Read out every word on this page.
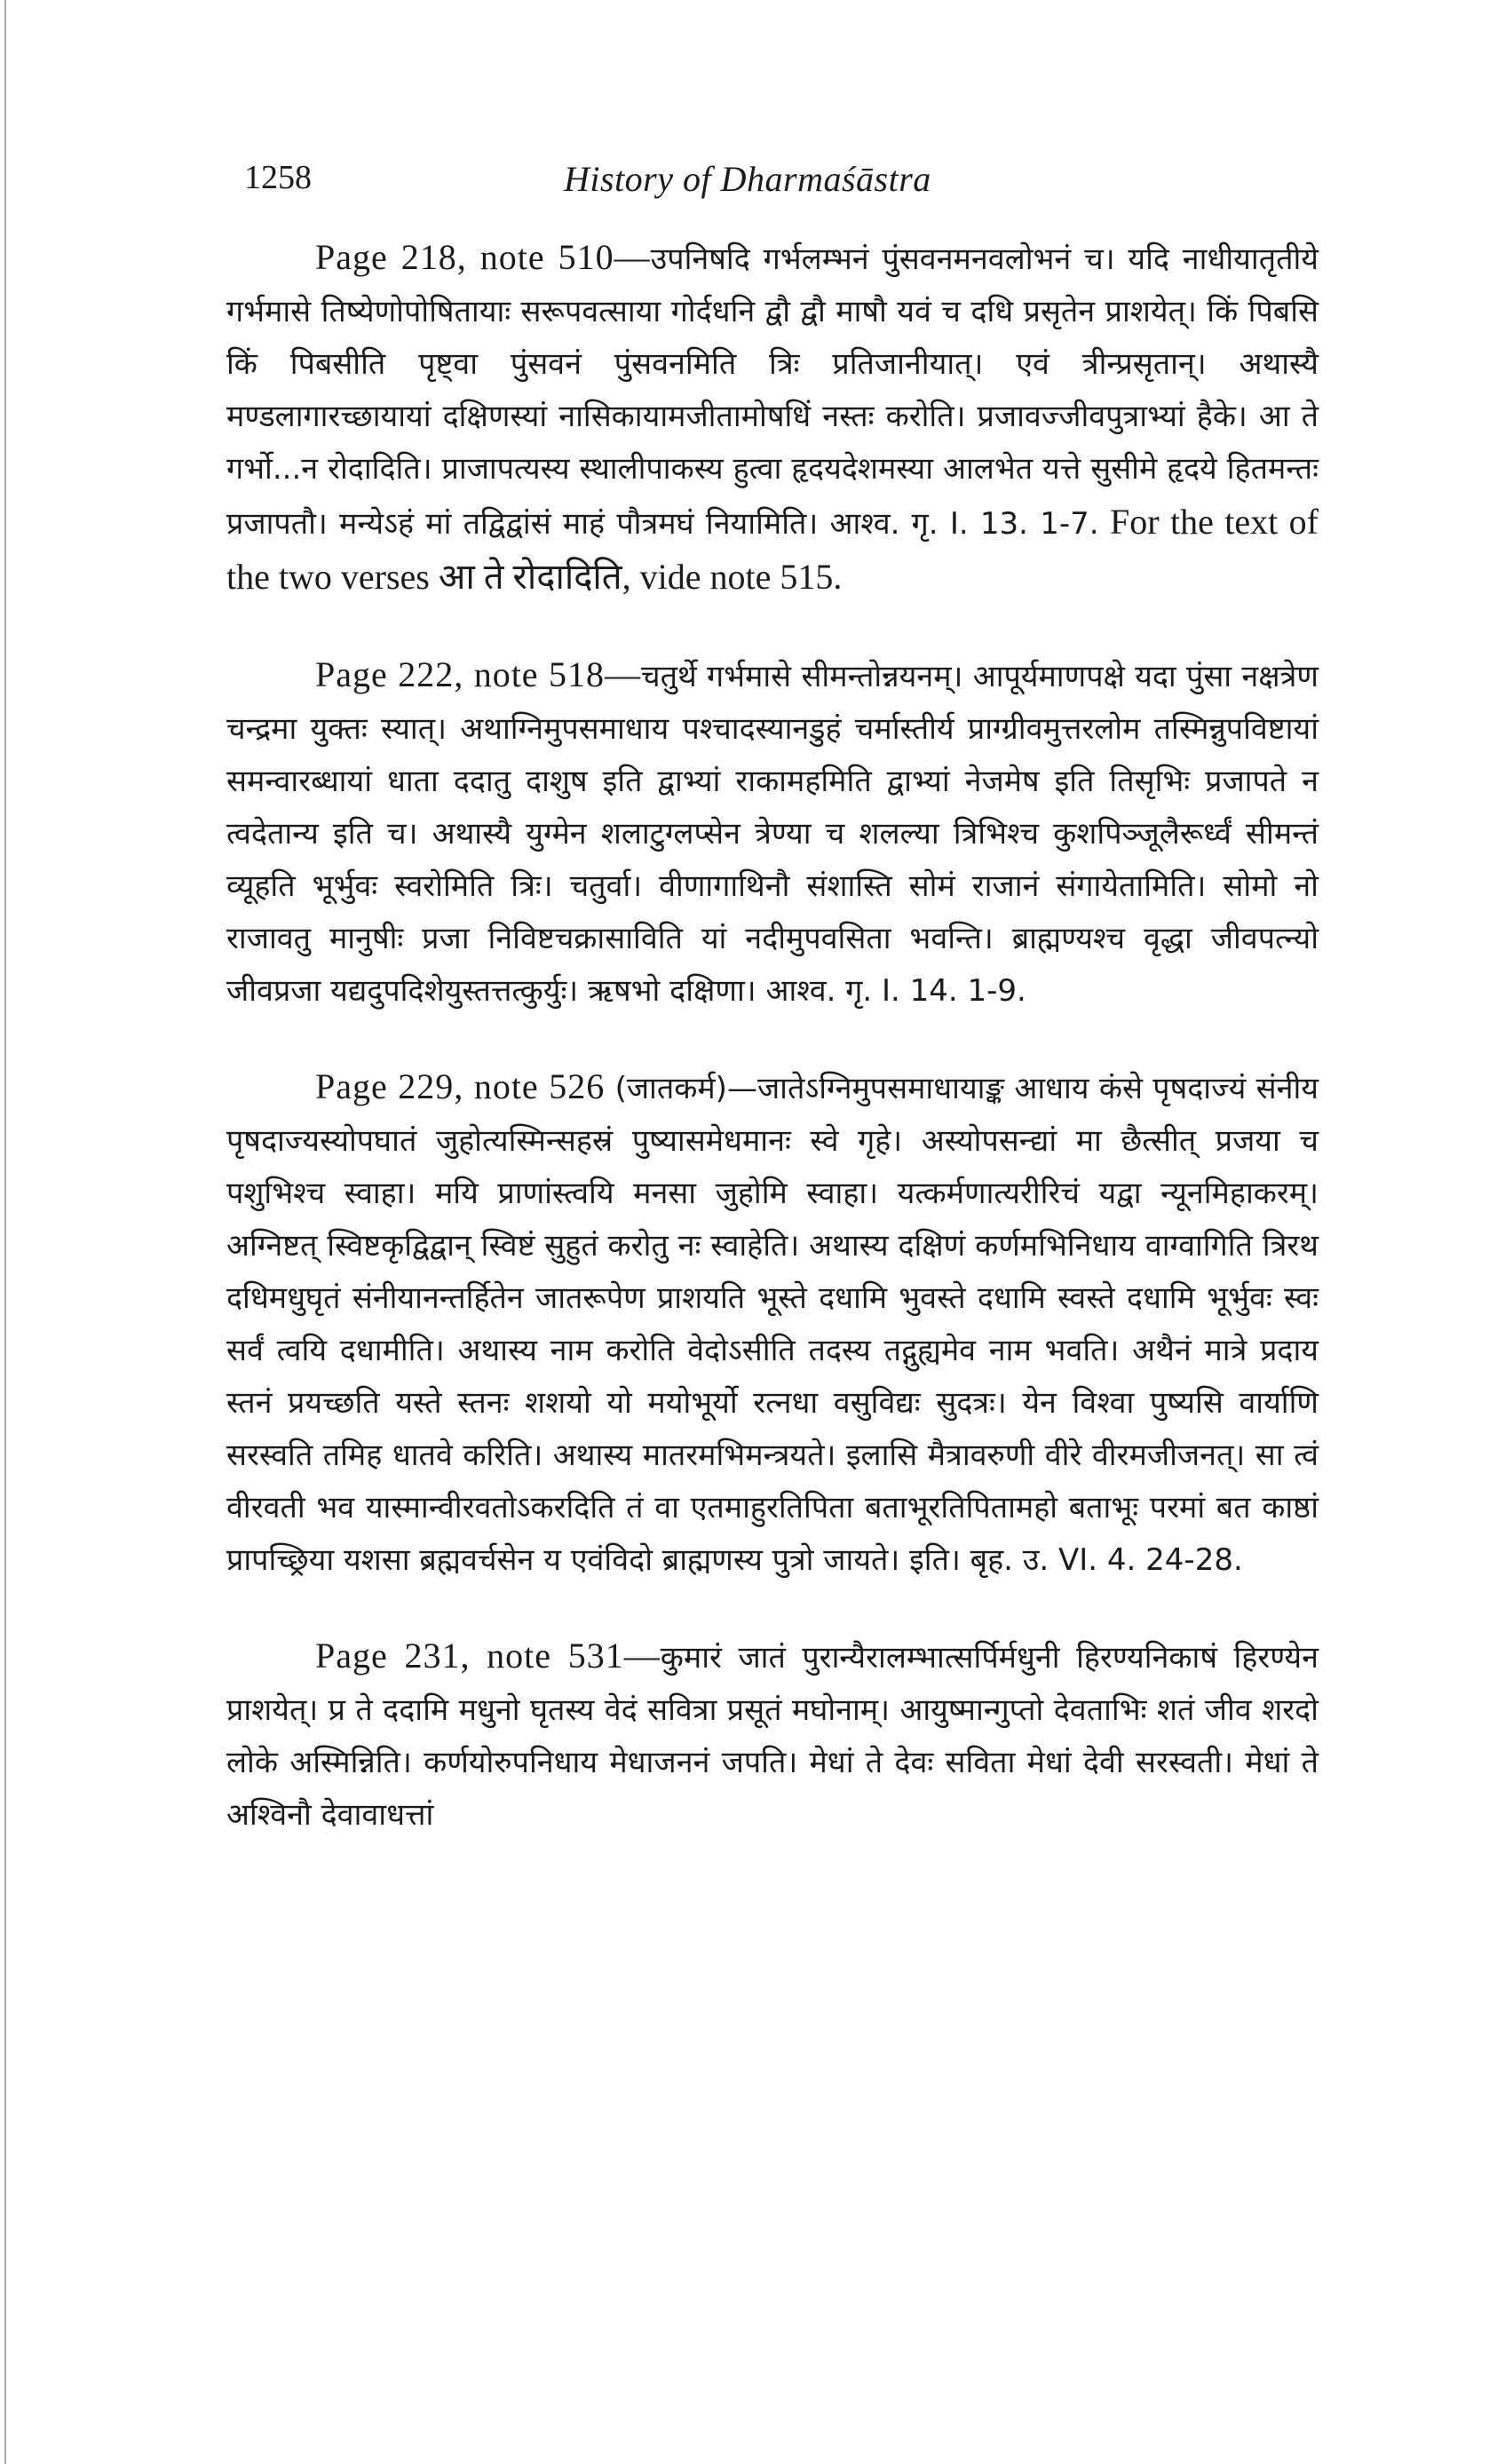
1258	History of Dharmaśāstra

Page 218, note 510—उपनिषदि गर्भलम्भनं पुंसवनमनवलोभनं च। यदि नाधीयातृतीये गर्भमासे तिष्येणोपोषितायाः सरूपवत्साया गोर्दधनि द्वौ द्वौ माषौ यवं च दधि प्रसृतेन प्राशयेत्। किं पिबसि किं पिबसीति पृष्ट्वा पुंसवनं पुंसवनमिति त्रिः प्रतिजानीयात्। एवं त्रीन्प्रसृतान्। अथास्यै मण्डलागारच्छायायां दक्षिणस्यां नासिकायामजीतामोषधिं नस्तः करोति। प्रजावज्जीवपुत्राभ्यां हैके। आ ते गर्भो...न रोदादिति। प्राजापत्यस्य स्थालीपाकस्य हुत्वा हृदयदेशमस्या आलभेत यत्ते सुसीमे हृदये हितमन्तः प्रजापतौ। मन्येऽहं मां तद्विद्वांसं माहं पौत्रमघं नियामिति। आश्व. गृ. I. 13. 1-7. For the text of the two verses आ ते रोदादिति, vide note 515.

Page 222, note 518—चतुर्थे गर्भमासे सीमन्तोन्नयनम्। आपूर्यमाणपक्षे यदा पुंसा नक्षत्रेण चन्द्रमा युक्तः स्यात्। अथाग्निमुपसमाधाय पश्चादस्यानडुहं चर्मास्तीर्य प्राग्ग्रीवमुत्तरलोम तस्मिन्नुपविष्टायां समन्वारब्धायां धाता ददातु दाशुष इति द्वाभ्यां राकामहमिति द्वाभ्यां नेजमेष इति तिसृभिः प्रजापते न त्वदेतान्य इति च। अथास्यै युग्मेन शलाटुग्लप्सेन त्रेण्या च शलल्या त्रिभिश्च कुशपिञ्जूलैरूर्ध्वं सीमन्तं व्यूहति भूर्भुवः स्वरोमिति त्रिः। चतुर्वा। वीणागाथिनौ संशास्ति सोमं राजानं संगायेतामिति। सोमो नो राजावतु मानुषीः प्रजा निविष्टचक्रासाविति यां नदीमुपवसिता भवन्ति। ब्राह्मण्यश्च वृद्धा जीवपत्न्यो जीवप्रजा यद्यदुपदिशेयुस्तत्तत्कुर्युः। ऋषभो दक्षिणा। आश्व. गृ. I. 14. 1-9.

Page 229, note 526 (जातकर्म)—जातेऽग्निमुपसमाधायाङ्क आधाय कंसे पृषदाज्यं संनीय पृषदाज्यस्योपघातं जुहोत्यस्मिन्सहस्रं पुष्यासमेधमानः स्वे गृहे। अस्योपसन्द्यां मा छैत्सीत् प्रजया च पशुभिश्च स्वाहा। मयि प्राणांस्त्वयि मनसा जुहोमि स्वाहा। यत्कर्मणात्यरीरिचं यद्वा न्यूनमिहाकरम्। अग्निष्टत् स्विष्टकृद्विद्वान् स्विष्टं सुहुतं करोतु नः स्वाहेति। अथास्य दक्षिणं कर्णमभिनिधाय वाग्वागिति त्रिरथ दधिमधुघृतं संनीयानन्तर्हितेन जातरूपेण प्राशयति भूस्ते दधामि भुवस्ते दधामि स्वस्ते दधामि भूर्भुवः स्वः सर्वं त्वयि दधामीति। अथास्य नाम करोति वेदोऽसीति तदस्य तद्गुह्यमेव नाम भवति। अथैनं मात्रे प्रदाय स्तनं प्रयच्छति यस्ते स्तनः शशयो यो मयोभूर्यो रत्नधा वसुविद्यः सुदत्रः। येन विश्वा पुष्यसि वार्याणि सरस्वति तमिह धातवे करिति। अथास्य मातरमभिमन्त्रयते। इलासि मैत्रावरुणी वीरे वीरमजीजनत्। सा त्वं वीरवती भव यास्मान्वीरवतोऽकरदिति तं वा एतमाहुरतिपिता बताभूरतिपितामहो बताभूः परमां बत काष्ठां प्रापच्छ्रिया यशसा ब्रह्मवर्चसेन य एवंविदो ब्राह्मणस्य पुत्रो जायते। इति। बृह. उ. VI. 4. 24-28.

Page 231, note 531—कुमारं जातं पुरान्यैरालम्भात्सर्पिर्मधुनी हिरण्यनिकाषं हिरण्येन प्राशयेत्। प्र ते ददामि मधुनो घृतस्य वेदं सवित्रा प्रसूतं मघोनाम्। आयुष्मान्गुप्तो देवताभिः शतं जीव शरदो लोके अस्मिन्निति। कर्णयोरुपनिधाय मेधाजननं जपति। मेधां ते देवः सविता मेधां देवी सरस्वती। मेधां ते अश्विनौ देवावाधत्तां
